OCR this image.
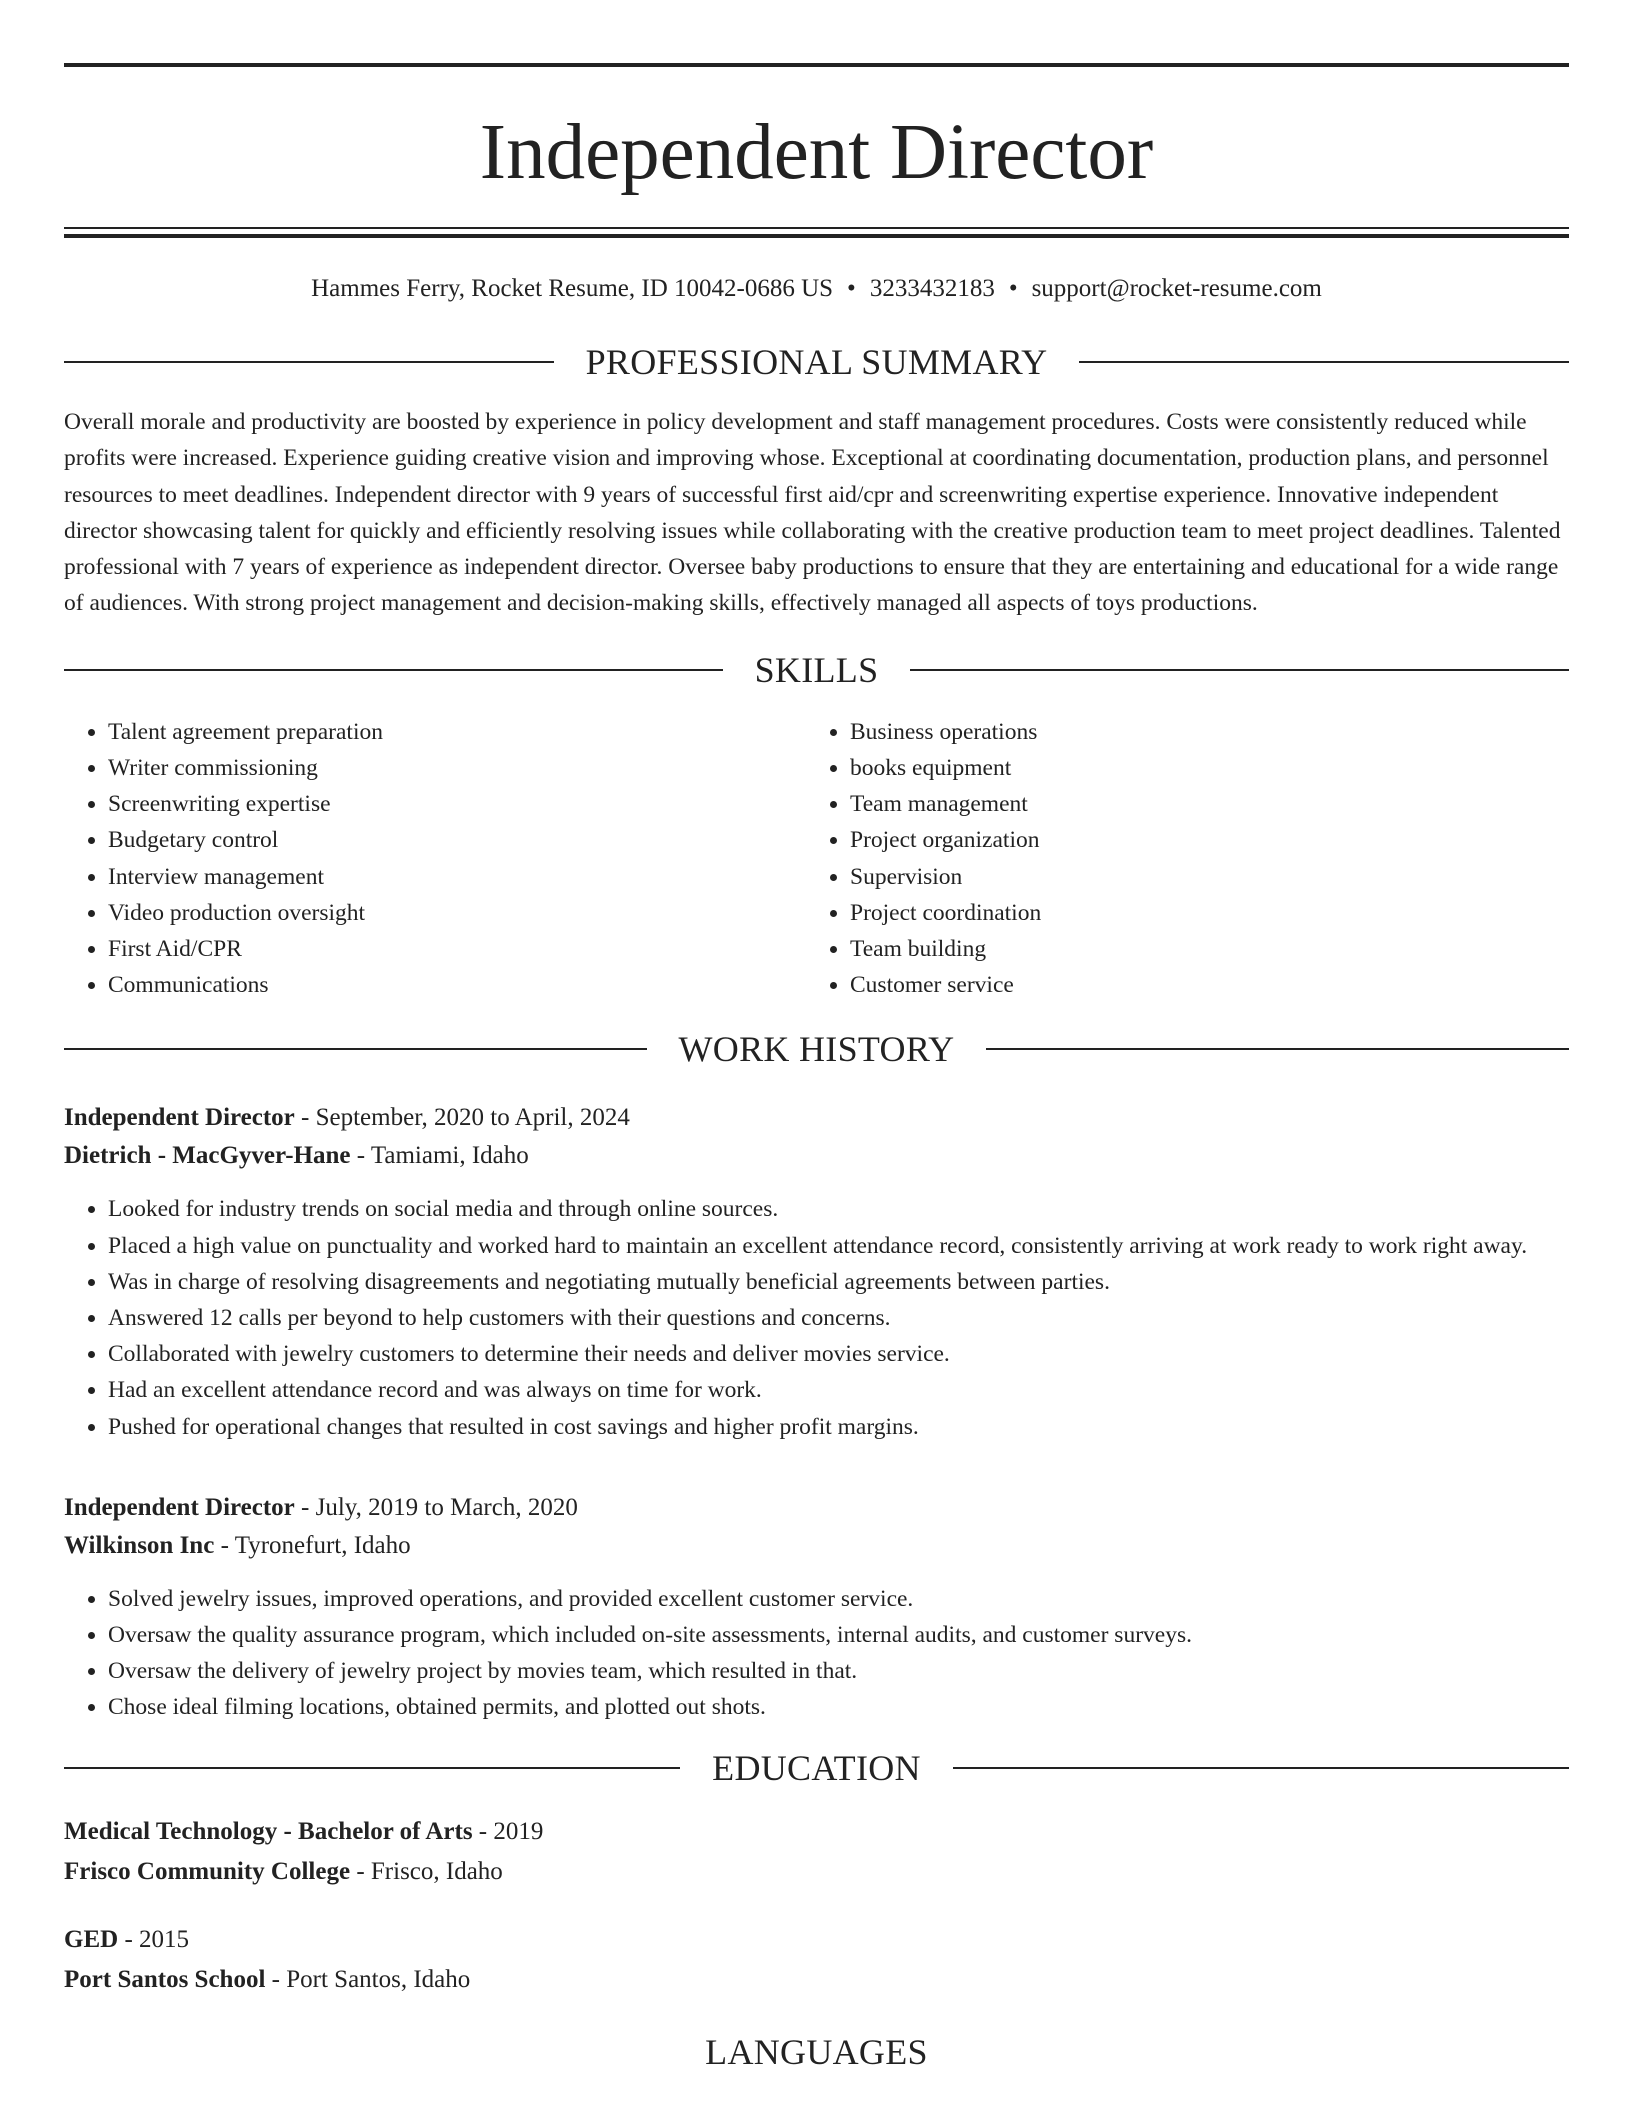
Independent Director
Hammes Ferry, Rocket Resume, ID 10042-0686 US • 3233432183 • support@rocket-resume.com
PROFESSIONAL SUMMARY
Overall morale and productivity are boosted by experience in policy development and staff management procedures. Costs were consistently reduced while profits were increased. Experience guiding creative vision and improving whose. Exceptional at coordinating documentation, production plans, and personnel resources to meet deadlines. Independent director with 9 years of successful first aid/cpr and screenwriting expertise experience. Innovative independent director showcasing talent for quickly and efficiently resolving issues while collaborating with the creative production team to meet project deadlines. Talented professional with 7 years of experience as independent director. Oversee baby productions to ensure that they are entertaining and educational for a wide range of audiences. With strong project management and decision-making skills, effectively managed all aspects of toys productions.
SKILLS
• Talent agreement preparation
• Writer commissioning
• Screenwriting expertise
• Budgetary control
• Interview management
• Video production oversight
• First Aid/CPR
• Communications
• Business operations
• books equipment
• Team management
• Project organization
• Supervision
• Project coordination
• Team building
• Customer service
WORK HISTORY
Independent Director - September, 2020 to April, 2024
Dietrich - MacGyver-Hane - Tamiami, Idaho
• Looked for industry trends on social media and through online sources.
• Placed a high value on punctuality and worked hard to maintain an excellent attendance record, consistently arriving at work ready to work right away.
• Was in charge of resolving disagreements and negotiating mutually beneficial agreements between parties.
• Answered 12 calls per beyond to help customers with their questions and concerns.
• Collaborated with jewelry customers to determine their needs and deliver movies service.
• Had an excellent attendance record and was always on time for work.
• Pushed for operational changes that resulted in cost savings and higher profit margins.
Independent Director - July, 2019 to March, 2020
Wilkinson Inc - Tyronefurt, Idaho
• Solved jewelry issues, improved operations, and provided excellent customer service.
• Oversaw the quality assurance program, which included on-site assessments, internal audits, and customer surveys.
• Oversaw the delivery of jewelry project by movies team, which resulted in that.
• Chose ideal filming locations, obtained permits, and plotted out shots.
EDUCATION
Medical Technology - Bachelor of Arts - 2019
Frisco Community College - Frisco, Idaho
GED - 2015
Port Santos School - Port Santos, Idaho
LANGUAGES
